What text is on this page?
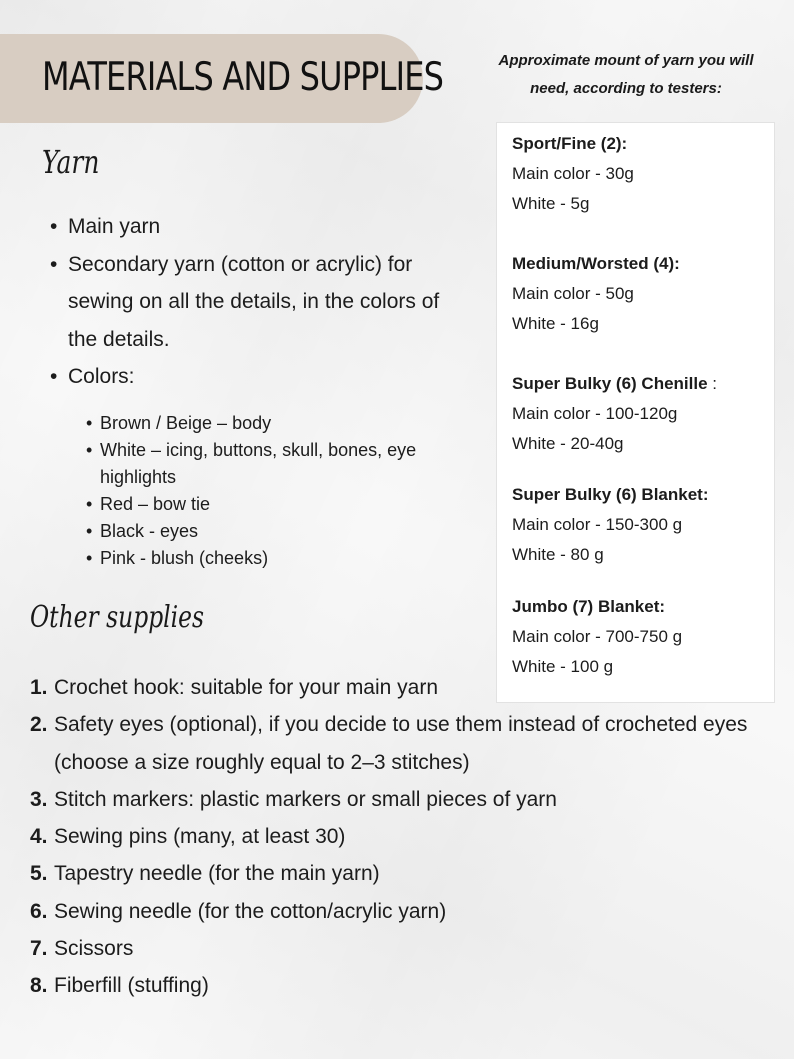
MATERIALS AND SUPPLIES
Yarn
• Main yarn
• Secondary yarn (cotton or acrylic) for sewing on all the details, in the colors of the details.
• Colors:
• Brown / Beige – body
• White – icing, buttons, skull, bones, eye highlights
• Red – bow tie
• Black - eyes
• Pink - blush (cheeks)
Other supplies
1. Crochet hook: suitable for your main yarn
2. Safety eyes (optional), if you decide to use them instead of crocheted eyes (choose a size roughly equal to 2–3 stitches)
3. Stitch markers: plastic markers or small pieces of yarn
4. Sewing pins (many, at least 30)
5. Tapestry needle (for the main yarn)
6. Sewing needle (for the cotton/acrylic yarn)
7. Scissors
8. Fiberfill (stuffing)
Approximate mount of yarn you will need, according to testers:
Sport/Fine (2):
Main color - 30g
White - 5g
Medium/Worsted (4):
Main color - 50g
White - 16g
Super Bulky (6) Chenille :
Main color - 100-120g
White - 20-40g
Super Bulky (6) Blanket:
Main color - 150-300 g
White - 80 g
Jumbo (7) Blanket:
Main color - 700-750 g
White - 100 g
